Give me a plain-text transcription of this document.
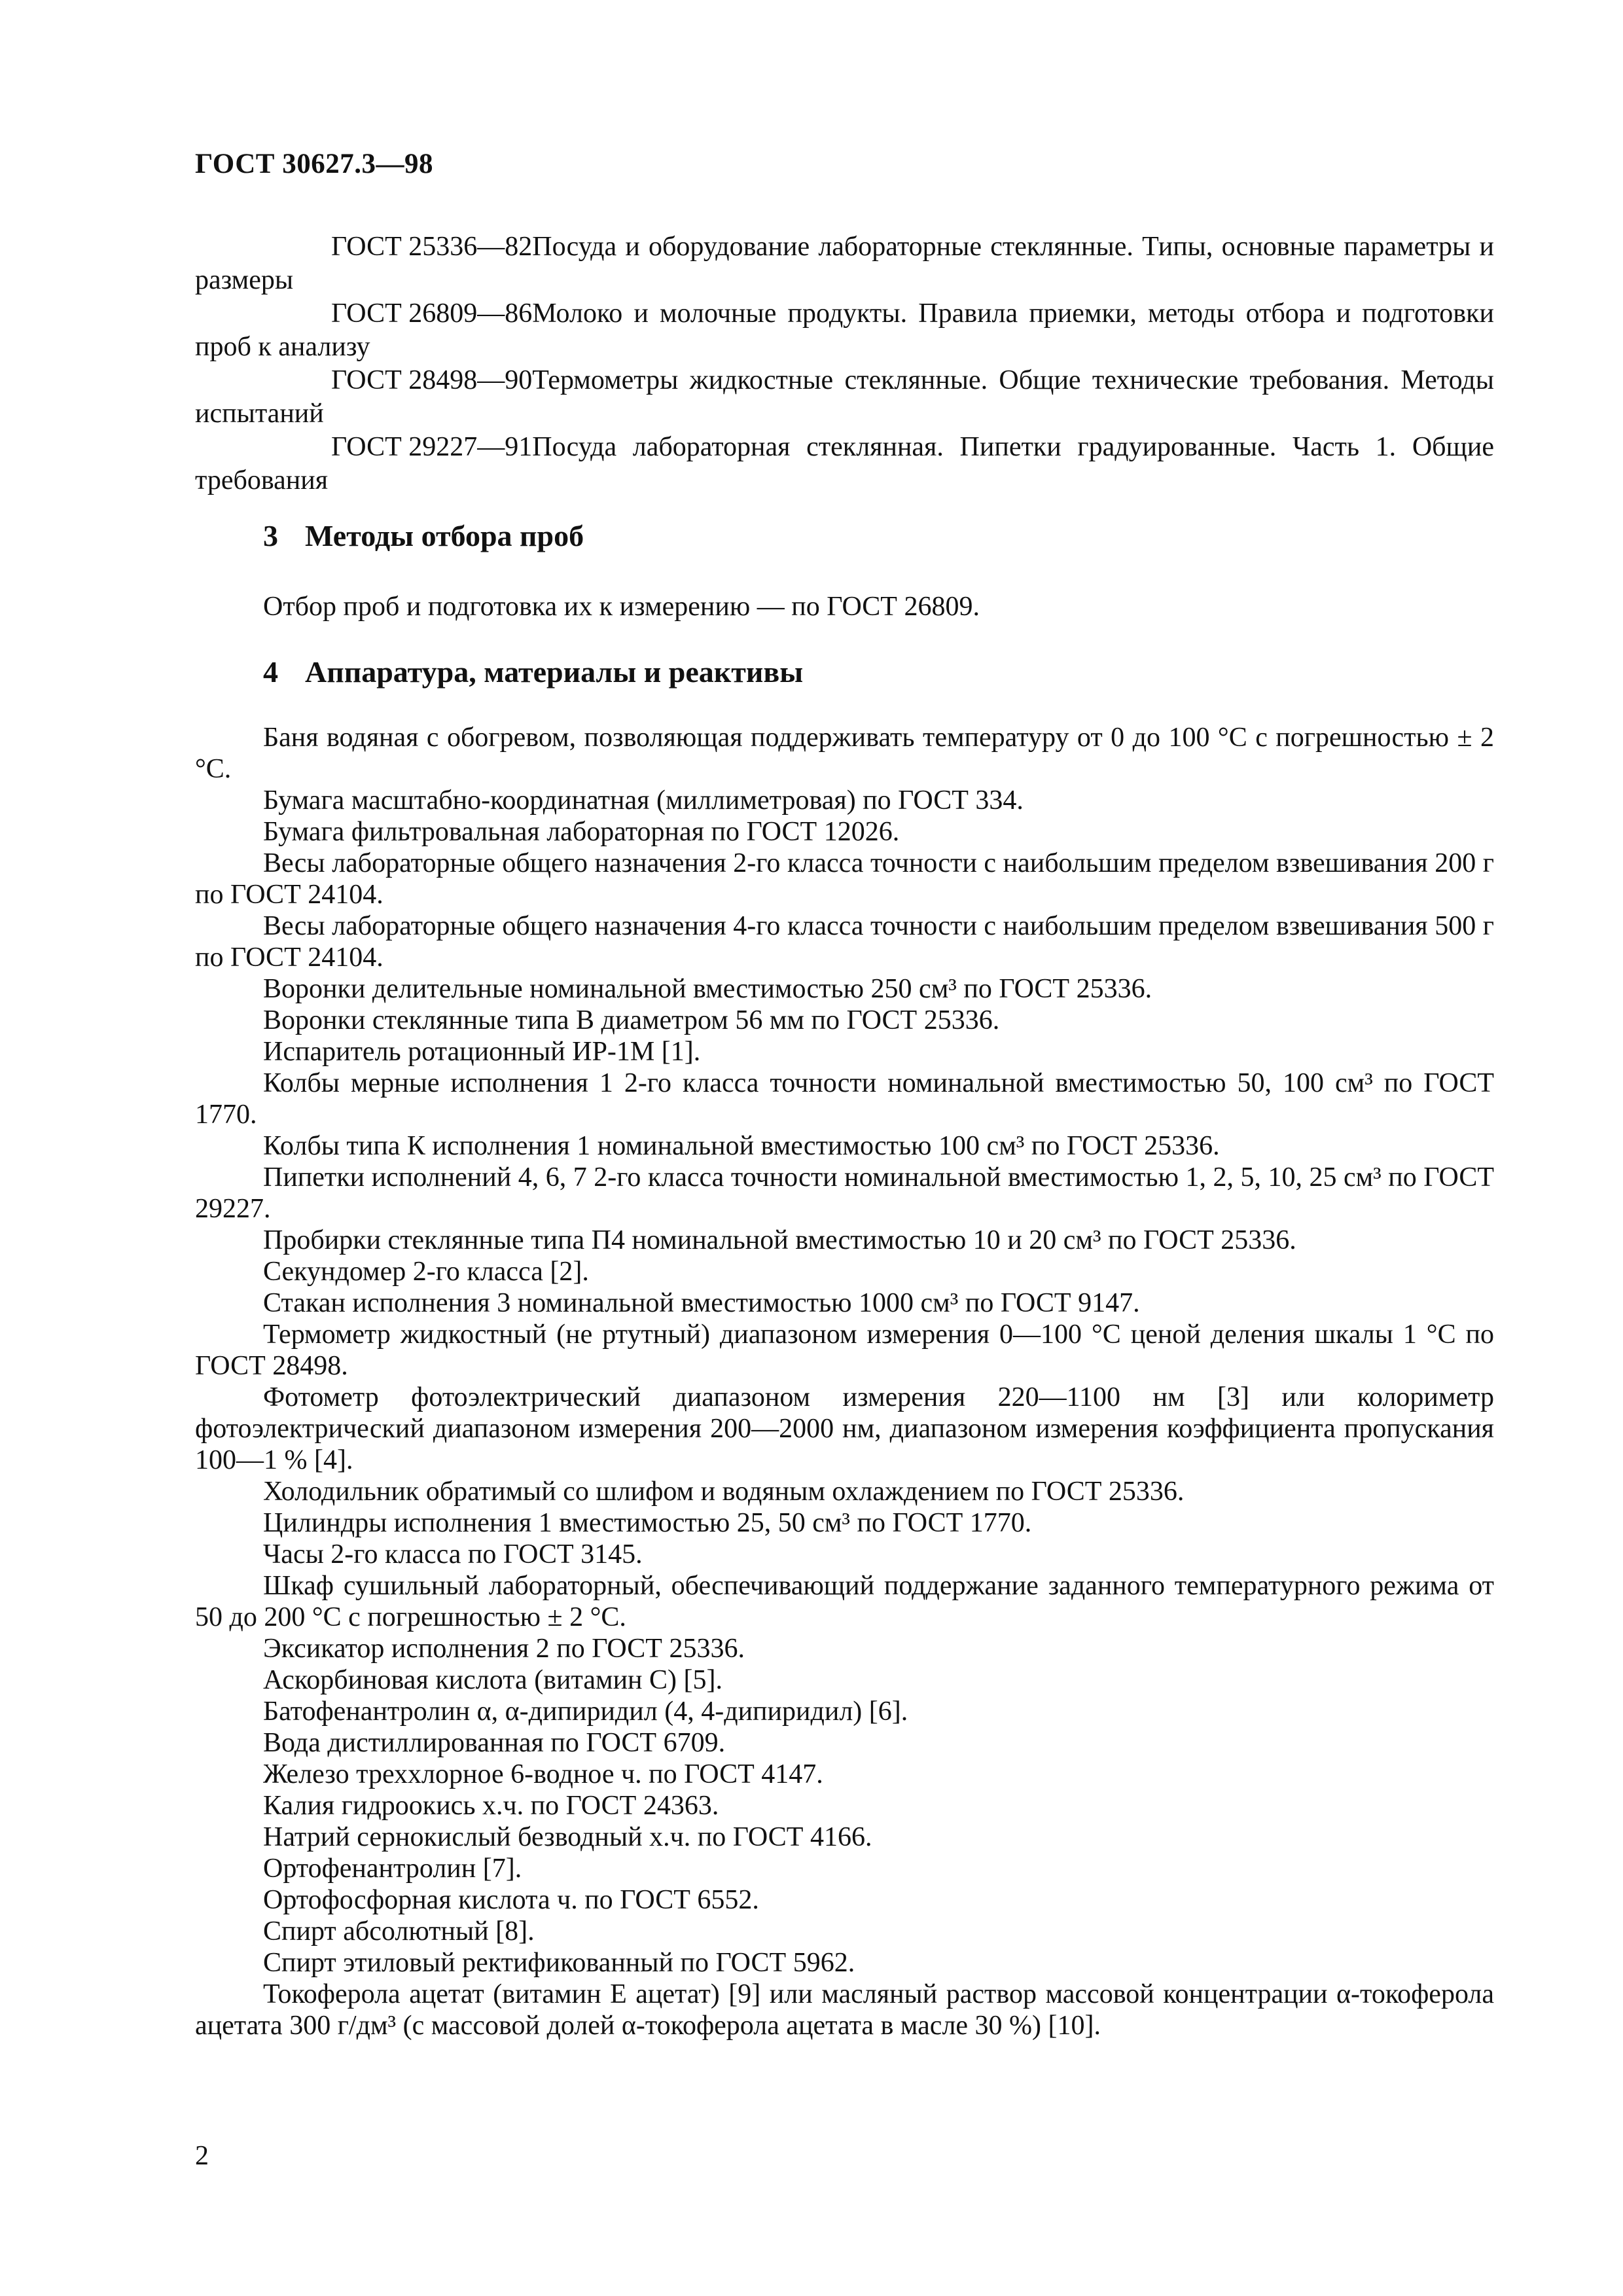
ГОСТ 30627.3—98

ГОСТ 25336—82Посуда и оборудование лабораторные стеклянные. Типы, основные параметры и размеры

ГОСТ 26809—86Молоко и молочные продукты. Правила приемки, методы отбора и подготовки проб к анализу

ГОСТ 28498—90Термометры жидкостные стеклянные. Общие технические требования. Методы испытаний

ГОСТ 29227—91Посуда лабораторная стеклянная. Пипетки градуированные. Часть 1. Общие требования

3 Методы отбора проб
Отбор проб и подготовка их к измерению — по ГОСТ 26809.
4 Аппаратура, материалы и реактивы

Баня водяная с обогревом, позволяющая поддерживать температуру от 0 до 100 °С с погрешностью ± 2 °С.

Бумага масштабно-координатная (миллиметровая) по ГОСТ 334.

Бумага фильтровальная лабораторная по ГОСТ 12026.

Весы лабораторные общего назначения 2-го класса точности с наибольшим пределом взвешивания 200 г по ГОСТ 24104.

Весы лабораторные общего назначения 4-го класса точности с наибольшим пределом взвешивания 500 г по ГОСТ 24104.

Воронки делительные номинальной вместимостью 250 см³ по ГОСТ 25336.

Воронки стеклянные типа В диаметром 56 мм по ГОСТ 25336.

Испаритель ротационный ИР-1М [1].

Колбы мерные исполнения 1 2-го класса точности номинальной вместимостью 50, 100 см³ по ГОСТ 1770.

Колбы типа К исполнения 1 номинальной вместимостью 100 см³ по ГОСТ 25336.

Пипетки исполнений 4, 6, 7 2-го класса точности номинальной вместимостью 1, 2, 5, 10, 25 см³ по ГОСТ 29227.

Пробирки стеклянные типа П4 номинальной вместимостью 10 и 20 см³ по ГОСТ 25336.

Секундомер 2-го класса [2].

Стакан исполнения 3 номинальной вместимостью 1000 см³ по ГОСТ 9147.

Термометр жидкостный (не ртутный) диапазоном измерения 0—100 °С ценой деления шкалы 1 °С по ГОСТ 28498.

Фотометр фотоэлектрический диапазоном измерения 220—1100 нм [3] или колориметр фотоэлектрический диапазоном измерения 200—2000 нм, диапазоном измерения коэффициента пропускания 100—1 % [4].

Холодильник обратимый со шлифом и водяным охлаждением по ГОСТ 25336.

Цилиндры исполнения 1 вместимостью 25, 50 см³ по ГОСТ 1770.

Часы 2-го класса по ГОСТ 3145.

Шкаф сушильный лабораторный, обеспечивающий поддержание заданного температурного режима от 50 до 200 °С с погрешностью ± 2 °С.

Эксикатор исполнения 2 по ГОСТ 25336.

Аскорбиновая кислота (витамин С) [5].

Батофенантролин α, α-дипиридил (4, 4-дипиридил) [6].

Вода дистиллированная по ГОСТ 6709.

Железо треххлорное 6-водное ч. по ГОСТ 4147.

Калия гидроокись х.ч. по ГОСТ 24363.

Натрий сернокислый безводный х.ч. по ГОСТ 4166.

Ортофенантролин [7].

Ортофосфорная кислота ч. по ГОСТ 6552.

Спирт абсолютный [8].

Спирт этиловый ректификованный по ГОСТ 5962.

Токоферола ацетат (витамин Е ацетат) [9] или масляный раствор массовой концентрации α-токоферола ацетата 300 г/дм³ (с массовой долей α-токоферола ацетата в масле 30 %) [10].

2
